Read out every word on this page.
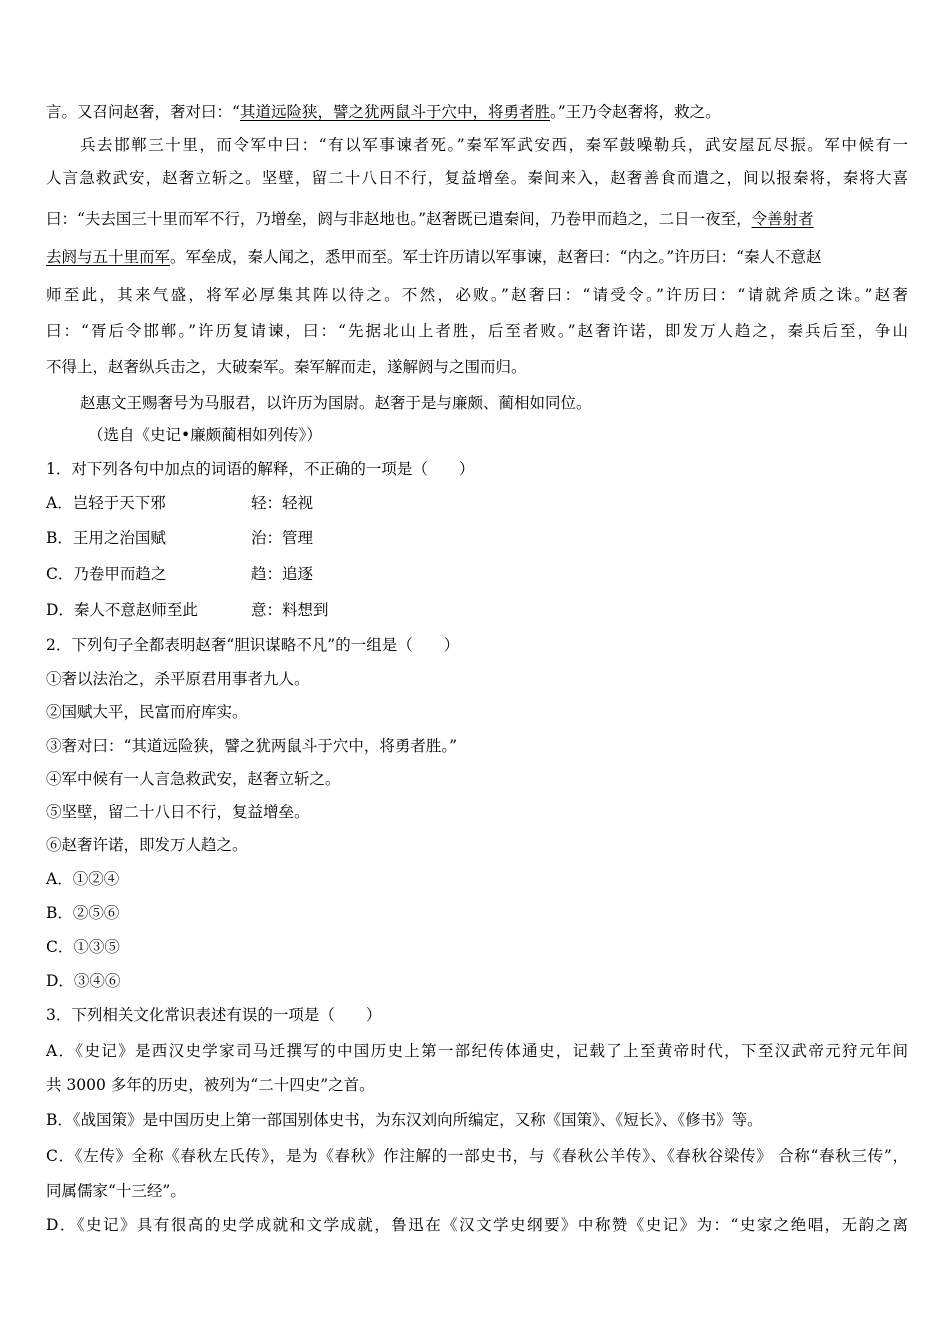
言。又召问赵奢，奢对曰：“其道远险狭，譬之犹两鼠斗于穴中，将勇者胜。”王乃令赵奢将，救之。
兵去邯郸三十里，而令军中曰：“有以军事谏者死。”秦军军武安西，秦军鼓噪勒兵，武安屋瓦尽振。军中候有一
人言急救武安，赵奢立斩之。坚壁，留二十八日不行，复益增垒。秦间来入，赵奢善食而遣之，间以报秦将，秦将大喜
曰：“夫去国三十里而军不行，乃增垒，阏与非赵地也。”赵奢既已遣秦间，乃卷甲而趋之，二日一夜至，令善射者
去阏与五十里而军。军垒成，秦人闻之，悉甲而至。军士许历请以军事谏，赵奢曰：“内之。”许历曰：“秦人不意赵
师至此，其来气盛，将军必厚集其阵以待之。不然，必败。”赵奢曰：“请受令。”许历曰：“请就斧质之诛。”赵奢
曰：“胥后令邯郸。”许历复请谏，曰：“先据北山上者胜，后至者败。”赵奢许诺，即发万人趋之，秦兵后至，争山
不得上，赵奢纵兵击之，大破秦军。秦军解而走，遂解阏与之围而归。
赵惠文王赐奢号为马服君，以许历为国尉。赵奢于是与廉颇、蔺相如同位。
（选自《史记•廉颇蔺相如列传》）
1．对下列各句中加点的词语的解释，不正确的一项是（　　）
A．岂轻于天下邪	轻：轻视
B．王用之治国赋	治：管理
C．乃卷甲而趋之	趋：追逐
D．秦人不意赵师至此	意：料想到
2．下列句子全都表明赵奢“胆识谋略不凡”的一组是（　　）
①奢以法治之，杀平原君用事者九人。
②国赋大平，民富而府库实。
③奢对曰：“其道远险狭，譬之犹两鼠斗于穴中，将勇者胜。”
④军中候有一人言急救武安，赵奢立斩之。
⑤坚壁，留二十八日不行，复益增垒。
⑥赵奢许诺，即发万人趋之。
A．①②④
B．②⑤⑥
C．①③⑤
D．③④⑥
3．下列相关文化常识表述有误的一项是（　　）
A．《史记》是西汉史学家司马迁撰写的中国历史上第一部纪传体通史，记载了上至黄帝时代，下至汉武帝元狩元年间
共 3000 多年的历史，被列为“二十四史”之首。
B．《战国策》是中国历史上第一部国别体史书，为东汉刘向所编定，又称《国策》、《短长》、《修书》等。
C．《左传》全称《春秋左氏传》，是为《春秋》作注解的一部史书，与《春秋公羊传》、《春秋谷梁传》 合称“春秋三传”，
同属儒家“十三经”。
D．《史记》具有很高的史学成就和文学成就，鲁迅在《汉文学史纲要》中称赞《史记》为：“史家之绝唱，无韵之离
